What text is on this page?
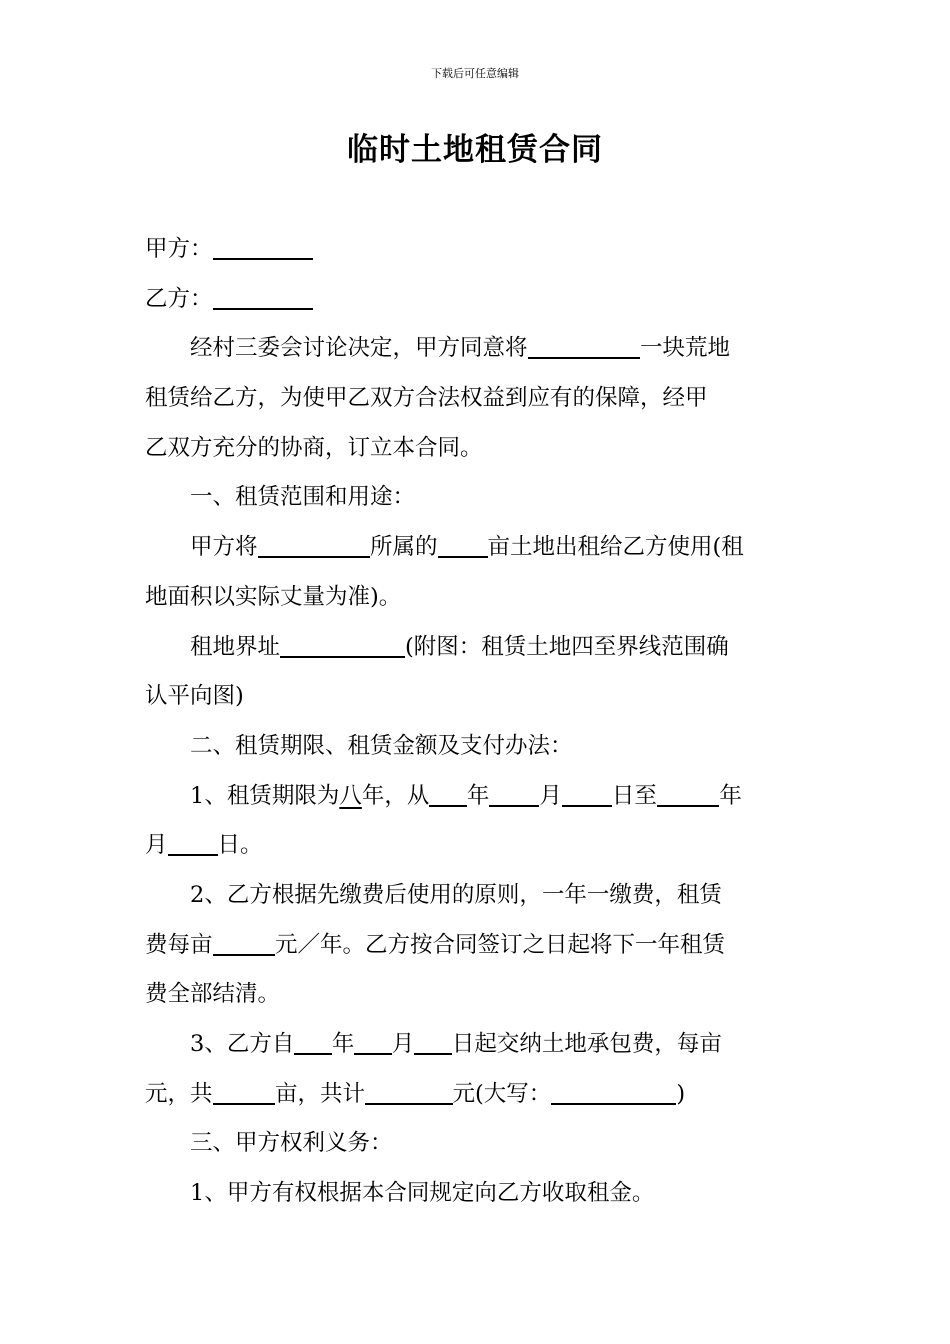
下载后可任意编辑
临时土地租赁合同
甲方：
乙方：
　　经村三委会讨论决定，甲方同意将	一块荒地
租赁给乙方，为使甲乙双方合法权益到应有的保障，经甲
乙双方充分的协商，订立本合同。
　　一、租赁范围和用途：
　　甲方将	所属的 亩土地出租给乙方使用(租
地面积以实际丈量为准)。
　　租地界址	(附图：租赁土地四至界线范围确
认平向图)
　　二、租赁期限、租赁金额及支付办法：
　　1、租赁期限为八年，从 年 月 日至	年
月 日。
　　2、乙方根据先缴费后使用的原则，一年一缴费，租赁
费每亩	元／年。乙方按合同签订之日起将下一年租赁
费全部结清。
　　3、乙方自 年 月 日起交纳土地承包费，每亩
元，共	亩，共计	元(大写：	)
　　三、甲方权利义务：
　　1、甲方有权根据本合同规定向乙方收取租金。
